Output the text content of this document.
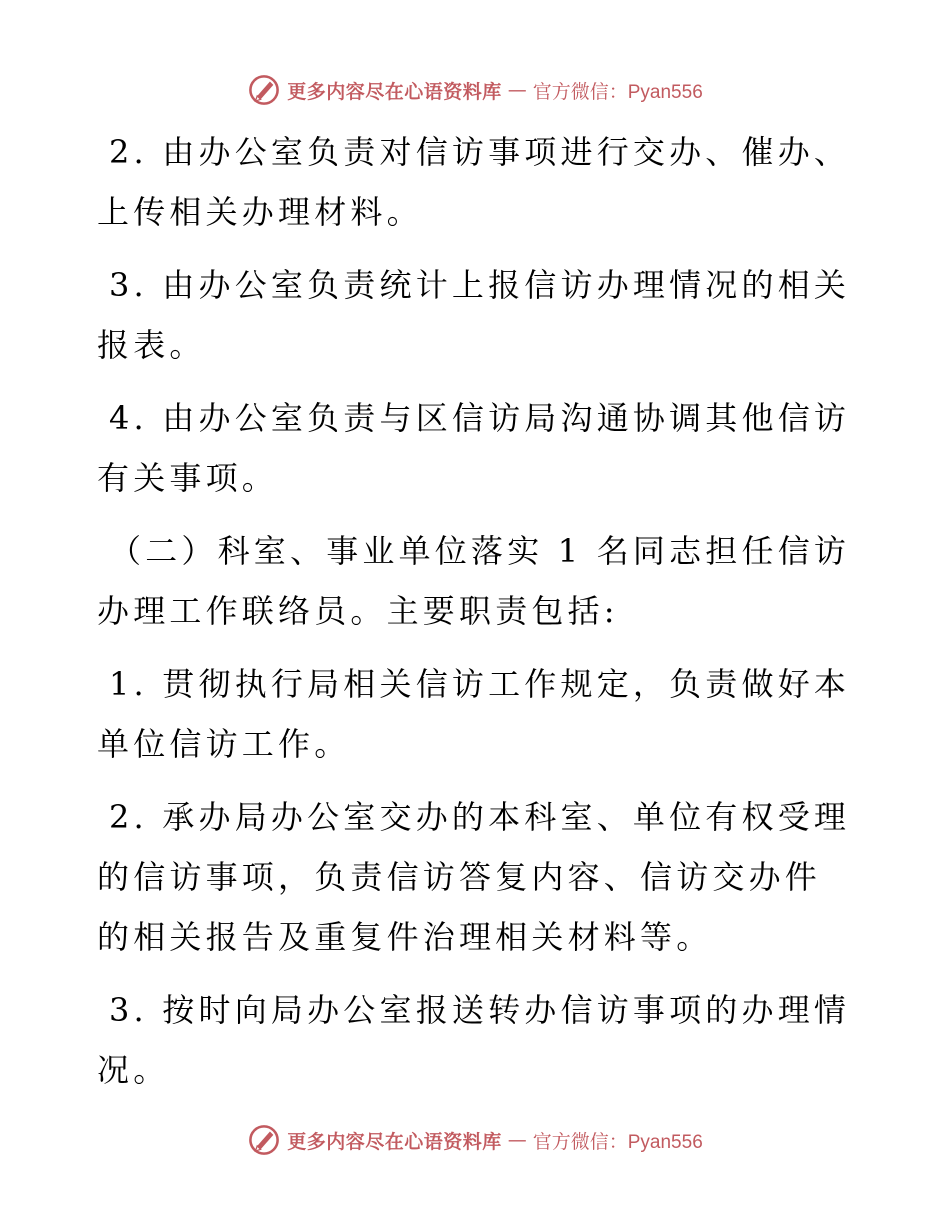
更多内容尽在心语资料库 — 官方微信：Pyan556

2. 由办公室负责对信访事项进行交办、催办、上传相关办理材料。

3. 由办公室负责统计上报信访办理情况的相关报表。

4. 由办公室负责与区信访局沟通协调其他信访有关事项。

（二）科室、事业单位落实 1 名同志担任信访办理工作联络员。主要职责包括:

1. 贯彻执行局相关信访工作规定，负责做好本单位信访工作。

2. 承办局办公室交办的本科室、单位有权受理的信访事项，负责信访答复内容、信访交办件的相关报告及重复件治理相关材料等。

3. 按时向局办公室报送转办信访事项的办理情况。

更多内容尽在心语资料库 — 官方微信：Pyan556
